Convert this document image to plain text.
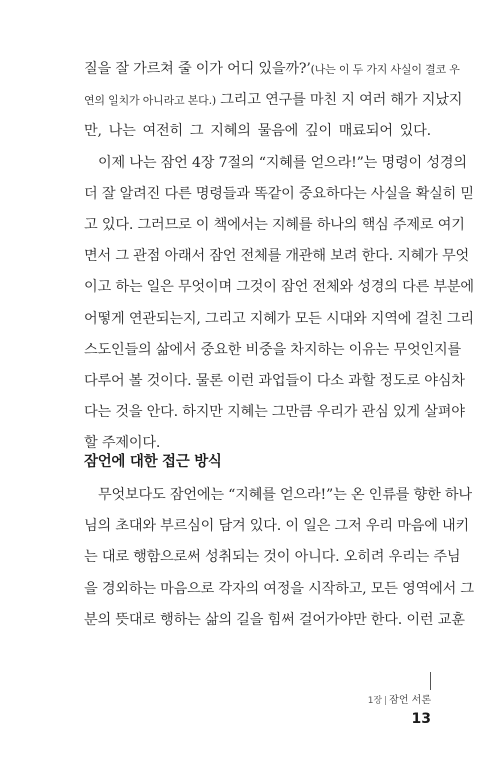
질을 잘 가르쳐 줄 이가 어디 있을까?’(나는 이 두 가지 사실이 결코 우
연의 일치가 아니라고 본다.) 그리고 연구를 마친 지 여러 해가 지났지
만, 나는 여전히 그 지혜의 물음에 깊이 매료되어 있다.
　이제 나는 잠언 4장 7절의 “지혜를 얻으라!”는 명령이 성경의
더 잘 알려진 다른 명령들과 똑같이 중요하다는 사실을 확실히 믿
고 있다. 그러므로 이 책에서는 지혜를 하나의 핵심 주제로 여기
면서 그 관점 아래서 잠언 전체를 개관해 보려 한다. 지혜가 무엇
이고 하는 일은 무엇이며 그것이 잠언 전체와 성경의 다른 부분에
어떻게 연관되는지, 그리고 지혜가 모든 시대와 지역에 걸친 그리
스도인들의 삶에서 중요한 비중을 차지하는 이유는 무엇인지를
다루어 볼 것이다. 물론 이런 과업들이 다소 과할 정도로 야심차
다는 것을 안다. 하지만 지혜는 그만큼 우리가 관심 있게 살펴야
할 주제이다.
잠언에 대한 접근 방식
　무엇보다도 잠언에는 “지혜를 얻으라!”는 온 인류를 향한 하나
님의 초대와 부르심이 담겨 있다. 이 일은 그저 우리 마음에 내키
는 대로 행함으로써 성취되는 것이 아니다. 오히려 우리는 주님
을 경외하는 마음으로 각자의 여정을 시작하고, 모든 영역에서 그
분의 뜻대로 행하는 삶의 길을 힘써 걸어가야만 한다. 이런 교훈
1장 | 잠언 서론
13
